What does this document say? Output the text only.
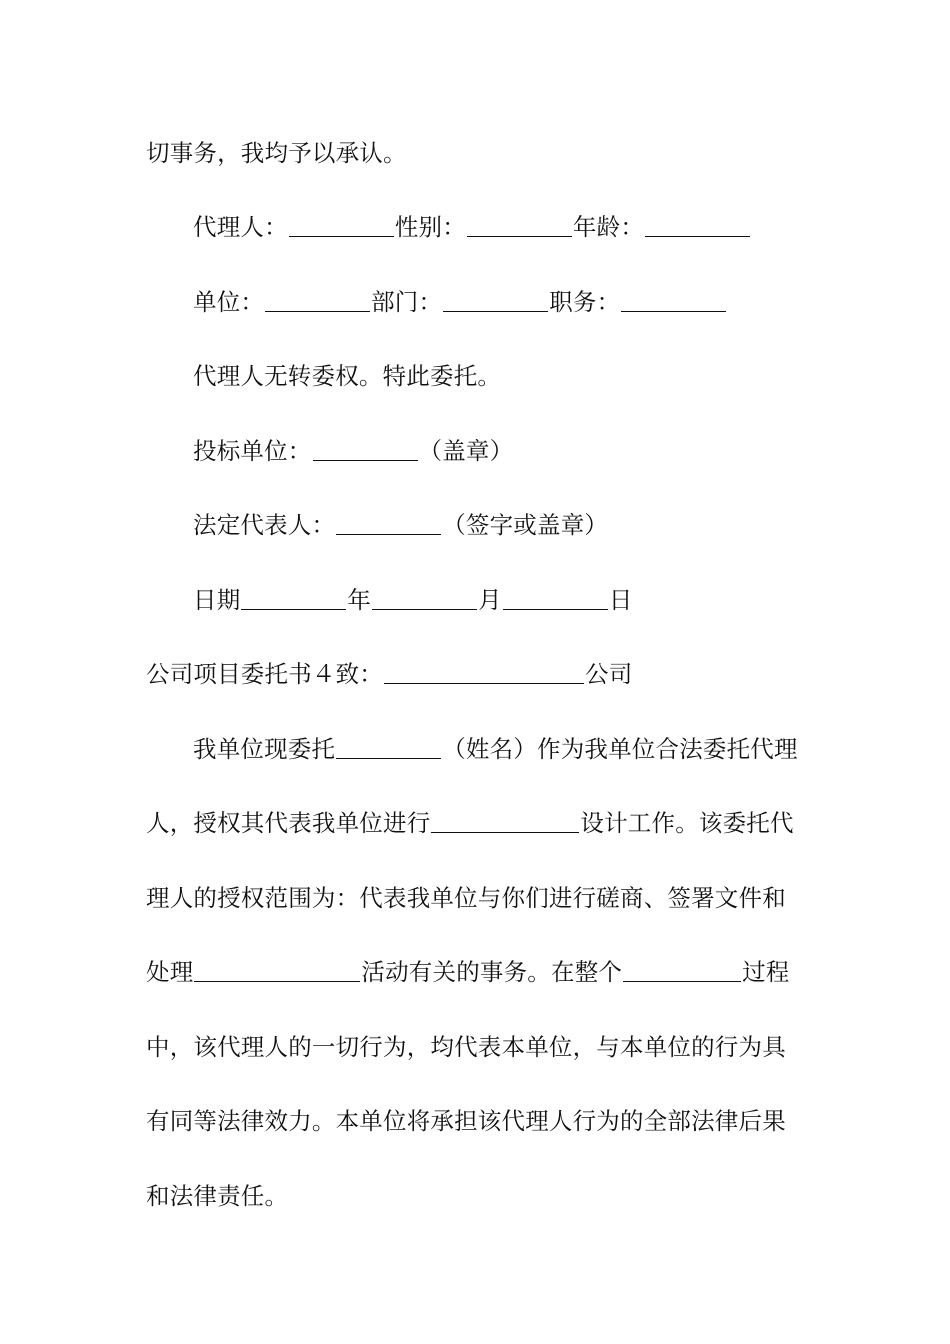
切事务，我均予以承认。
代理人：	性别：	年龄：
单位：	部门：	职务：
代理人无转委权。特此委托。
投标单位：	（盖章）
法定代表人：	（签字或盖章）
日期	年	月	日
公司项目委托书４致：	公司
我单位现委托	（姓名）作为我单位合法委托代理
人，授权其代表我单位进行	设计工作。该委托代
理人的授权范围为：代表我单位与你们进行磋商、签署文件和
处理	活动有关的事务。在整个	过程
中，该代理人的一切行为，均代表本单位，与本单位的行为具
有同等法律效力。本单位将承担该代理人行为的全部法律后果
和法律责任。
